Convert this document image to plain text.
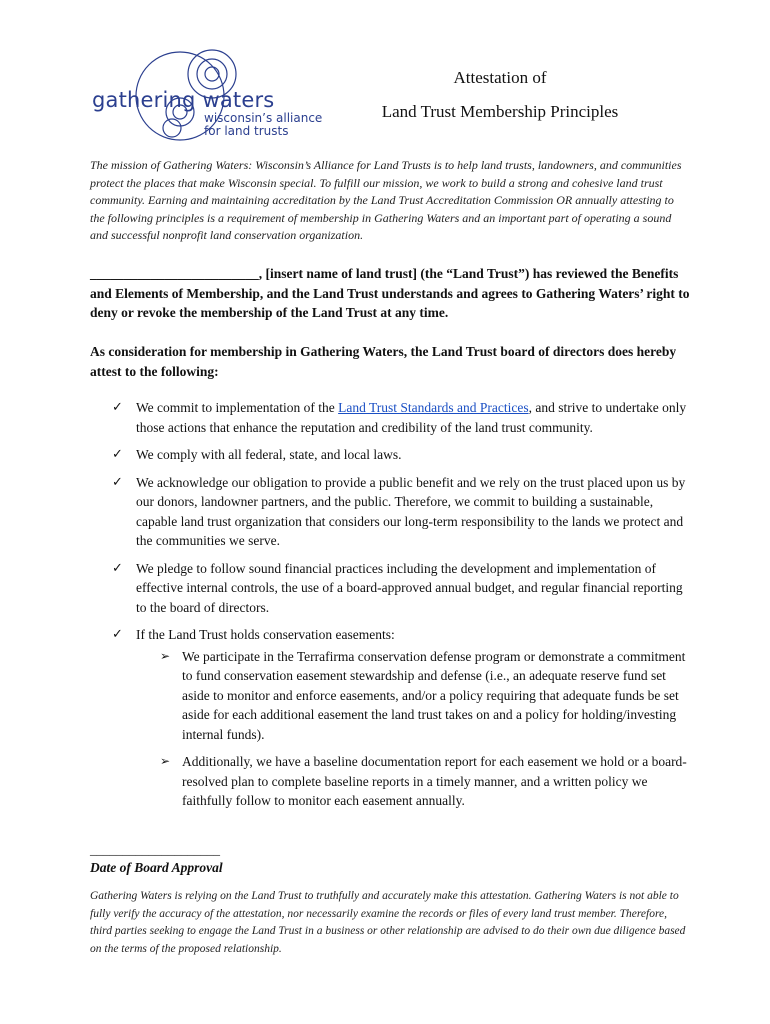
gathering waters
wisconsin’s alliance
for land trusts
Attestation of
Land Trust Membership Principles
The mission of Gathering Waters: Wisconsin’s Alliance for Land Trusts is to help land trusts, landowners, and communities protect the places that make Wisconsin special. To fulfill our mission, we work to build a strong and cohesive land trust community. Earning and maintaining accreditation by the Land Trust Accreditation Commission OR annually attesting to the following principles is a requirement of membership in Gathering Waters and an important part of operating a sound and successful nonprofit land conservation organization.
_________________________, [insert name of land trust] (the “Land Trust”) has reviewed the Benefits and Elements of Membership, and the Land Trust understands and agrees to Gathering Waters’ right to deny or revoke the membership of the Land Trust at any time.
As consideration for membership in Gathering Waters, the Land Trust board of directors does hereby attest to the following:
✓ We commit to implementation of the Land Trust Standards and Practices, and strive to undertake only those actions that enhance the reputation and credibility of the land trust community.
✓ We comply with all federal, state, and local laws.
✓ We acknowledge our obligation to provide a public benefit and we rely on the trust placed upon us by our donors, landowner partners, and the public. Therefore, we commit to building a sustainable, capable land trust organization that considers our long-term responsibility to the lands we protect and the communities we serve.
✓ We pledge to follow sound financial practices including the development and implementation of effective internal controls, the use of a board-approved annual budget, and regular financial reporting to the board of directors.
✓ If the Land Trust holds conservation easements:
➢ We participate in the Terrafirma conservation defense program or demonstrate a commitment to fund conservation easement stewardship and defense (i.e., an adequate reserve fund set aside to monitor and enforce easements, and/or a policy requiring that adequate funds be set aside for each additional easement the land trust takes on and a policy for holding/investing internal funds).
➢ Additionally, we have a baseline documentation report for each easement we hold or a board-resolved plan to complete baseline reports in a timely manner, and a written policy we faithfully follow to monitor each easement annually.
____________________
Date of Board Approval
Gathering Waters is relying on the Land Trust to truthfully and accurately make this attestation. Gathering Waters is not able to fully verify the accuracy of the attestation, nor necessarily examine the records or files of every land trust member. Therefore, third parties seeking to engage the Land Trust in a business or other relationship are advised to do their own due diligence based on the terms of the proposed relationship.
